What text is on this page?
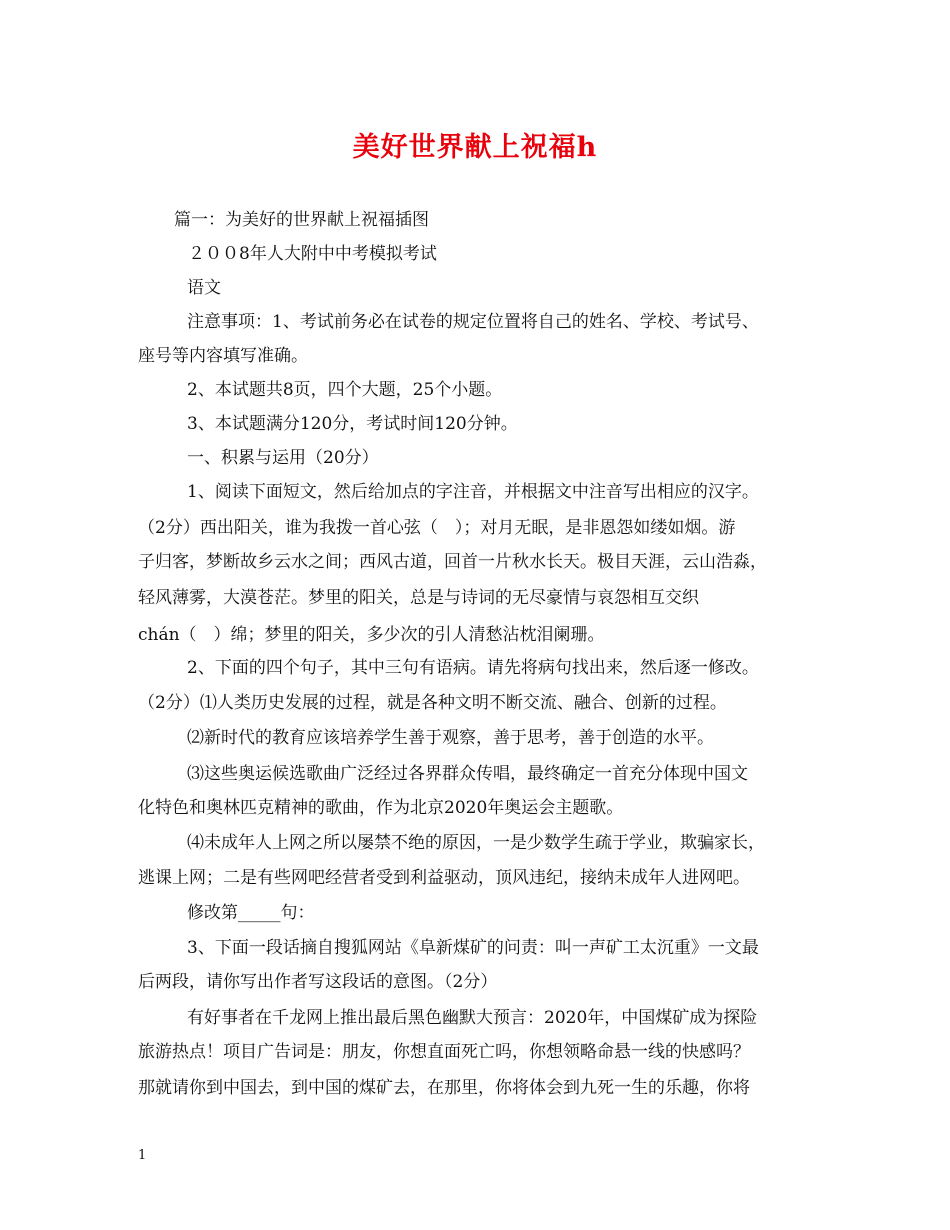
美好世界献上祝福h
篇一：为美好的世界献上祝福插图
２００8年人大附中中考模拟考试
语文
注意事项：1、考试前务必在试卷的规定位置将自己的姓名、学校、考试号、
座号等内容填写准确。
2、本试题共8页，四个大题，25个小题。
3、本试题满分120分，考试时间120分钟。
一、积累与运用（20分）
1、阅读下面短文，然后给加点的字注音，并根据文中注音写出相应的汉字。
（2分）西出阳关，谁为我拨一首心弦（　）；对月无眠，是非恩怨如缕如烟。游
子归客，梦断故乡云水之间；西风古道，回首一片秋水长天。极目天涯，云山浩淼，
轻风薄雾，大漠苍茫。梦里的阳关，总是与诗词的无尽豪情与哀怨相互交织
chán（　）绵；梦里的阳关，多少次的引人清愁沾枕泪阑珊。
2、下面的四个句子，其中三句有语病。请先将病句找出来，然后逐一修改。
（2分）⑴人类历史发展的过程，就是各种文明不断交流、融合、创新的过程。
⑵新时代的教育应该培养学生善于观察，善于思考，善于创造的水平。
⑶这些奥运候选歌曲广泛经过各界群众传唱，最终确定一首充分体现中国文
化特色和奥林匹克精神的歌曲，作为北京2020年奥运会主题歌。
⑷未成年人上网之所以屡禁不绝的原因，一是少数学生疏于学业，欺骗家长，
逃课上网；二是有些网吧经营者受到利益驱动，顶风违纪，接纳未成年人进网吧。
修改第_____句：
3、下面一段话摘自搜狐网站《阜新煤矿的问责：叫一声矿工太沉重》一文最
后两段，请你写出作者写这段话的意图。（2分）
有好事者在千龙网上推出最后黑色幽默大预言：2020年，中国煤矿成为探险
旅游热点！项目广告词是：朋友，你想直面死亡吗，你想领略命悬一线的快感吗？
那就请你到中国去，到中国的煤矿去，在那里，你将体会到九死一生的乐趣，你将
1
